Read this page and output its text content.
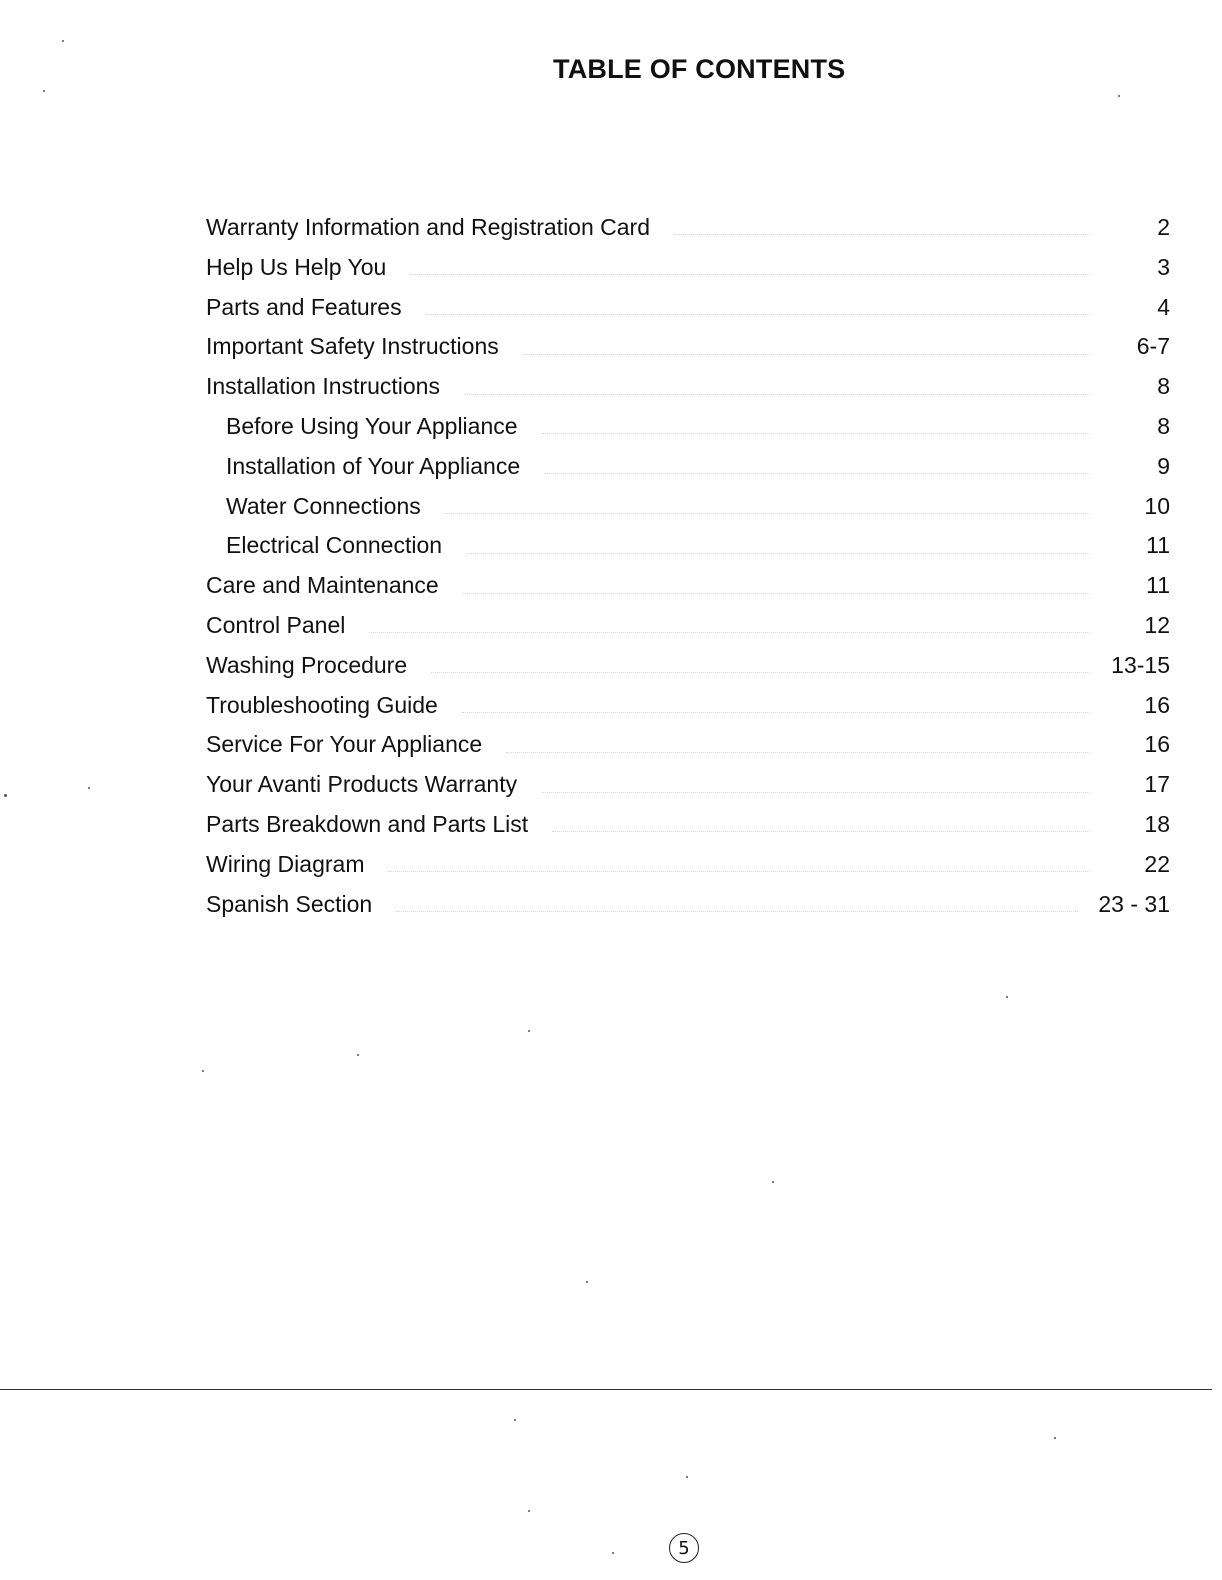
TABLE OF CONTENTS
Warranty Information and Registration Card	2
Help Us Help You	3
Parts and Features	4
Important Safety Instructions	6-7
Installation Instructions	8
Before Using Your Appliance	8
Installation of Your Appliance	9
Water Connections	10
Electrical Connection	11
Care and Maintenance	11
Control Panel	12
Washing Procedure	13-15
Troubleshooting Guide	16
Service For Your Appliance	16
Your Avanti Products Warranty	17
Parts Breakdown and Parts List	18
Wiring Diagram	22
Spanish Section	23 - 31
5
